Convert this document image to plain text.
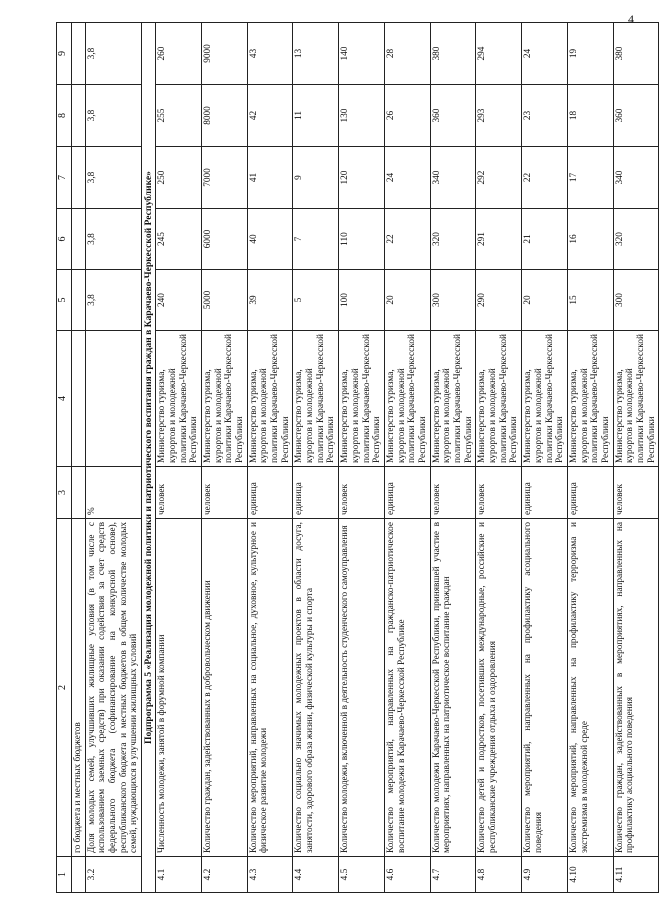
4
1	2	3	4	5	6	7	8	9
	го бюджета и местных бюджетов							
3.2	Доля молодых семей, улучшивших жилищные условия (в том числе с использованием заемных средств) при оказании содействия за счет средств федерального бюджета (софинансирование на конкурсной основе), республиканского бюджета и местных бюджетов в общем количестве молодых семей, нуждающихся в улучшении жилищных условий	%		3,8	3,8	3,8	3,8	3,8
Подпрограмма 5 «Реализация молодежной политики и патриотического воспитания граждан в Карачаево-Черкесской Республике»								
4.1	Численность молодежи, занятой в форумной компании	человек	Министерство туризма, курортов и молодежной политики Карачаево-Черкесской Республики	240	245	250	255	260
4.2	Количество граждан, задействованных в добровольческом движении	человек	Министерство туризма, курортов и молодежной политики Карачаево-Черкесской Республики	5000	6000	7000	8000	9000
4.3	Количество мероприятий, направленных на социальное, духовное, культурное и физическое развитие молодежи	единица	Министерство туризма, курортов и молодежной политики Карачаево-Черкесской Республики	39	40	41	42	43
4.4	Количество социально значимых молодежных проектов в области досуга, занятости, здорового образа жизни, физической культуры и спорта	единица	Министерство туризма, курортов и молодежной политики Карачаево-Черкесской Республики	5	7	9	11	13
4.5	Количество молодежи, включенной в деятельность студенческого самоуправления	человек	Министерство туризма, курортов и молодежной политики Карачаево-Черкесской Республики	100	110	120	130	140
4.6	Количество мероприятий, направленных на гражданско-патриотическое воспитание молодежи в Карачаево-Черкесской Республике	единица	Министерство туризма, курортов и молодежной политики Карачаево-Черкесской Республики	20	22	24	26	28
4.7	Количество молодежи Карачаево-Черкесской Республики, принявшей участие в мероприятиях, направленных на патриотическое воспитание граждан	человек	Министерство туризма, курортов и молодежной политики Карачаево-Черкесской Республики	300	320	340	360	380
4.8	Количество детей и подростков, посетивших международные, российские и республиканские учреждения отдыха и оздоровления	человек	Министерство туризма, курортов и молодежной политики Карачаево-Черкесской Республики	290	291	292	293	294
4.9	Количество мероприятий, направленных на профилактику асоциального поведения	единица	Министерство туризма, курортов и молодежной политики Карачаево-Черкесской Республики	20	21	22	23	24
4.10	Количество мероприятий, направленных на профилактику терроризма и экстремизма в молодежной среде	единица	Министерство туризма, курортов и молодежной политики Карачаево-Черкесской Республики	15	16	17	18	19
4.11	Количество граждан, задействованных в мероприятиях, направленных на профилактику асоциального поведения	человек	Министерство туризма, курортов и молодежной политики Карачаево-Черкесской Республики	300	320	340	360	380
